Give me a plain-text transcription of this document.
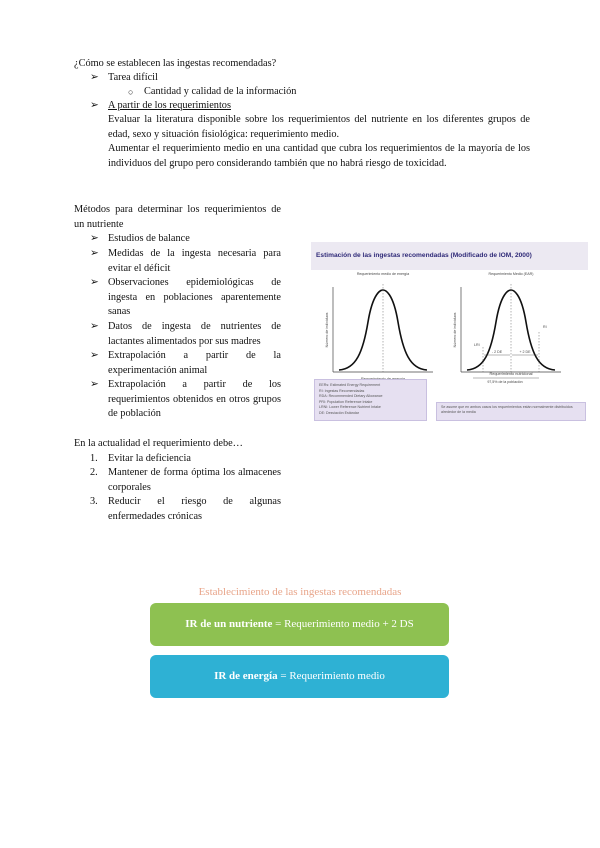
¿Cómo se establecen las ingestas recomendadas?
➢ Tarea difícil
○ Cantidad y calidad de la información
➢ A partir de los requerimientos
Evaluar la literatura disponible sobre los requerimientos del nutriente en los diferentes grupos de edad, sexo y situación fisiológica: requerimiento medio.
Aumentar el requerimiento medio en una cantidad que cubra los requerimientos de la mayoría de los individuos del grupo pero considerando también que no habrá riesgo de toxicidad.
Métodos para determinar los requerimientos de un nutriente
➢ Estudios de balance
➢ Medidas de la ingesta necesaria para evitar el déficit
➢ Observaciones epidemiológicas de ingesta en poblaciones aparentemente sanas
➢ Datos de ingesta de nutrientes de lactantes alimentados por sus madres
➢ Extrapolación a partir de la experimentación animal
➢ Extrapolación a partir de los requerimientos obtenidos en otros grupos de población
En la actualidad el requerimiento debe…
1. Evitar la deficiencia
2. Mantener de forma óptima los almacenes corporales
3. Reducir el riesgo de algunas enfermedades crónicas
Estimación de las ingestas recomendadas (Modificado de IOM, 2000)
Requerimiento medio de energía
Número de individuos
Requerimiento Medio (EAR)
Número de individuos	LRI
RI
- 2 DE	+ 2 DE
Requerimiento nutricional
97,5% de la población
EERs: Estimated Energy Requirement
RI: Ingestas Recomendadas
RDA: Recommended Dietary Allowance
PRI: Population Reference Intake
LRNI: Lower Reference Nutrient Intake
DE: Desviación Estándar
Se asume que en ambos casos los requerimientos están normalmente distribuidos alrededor de la media
Establecimiento de las ingestas recomendadas
IR de un nutriente = Requerimiento medio + 2 DS
IR de energía = Requerimiento medio
